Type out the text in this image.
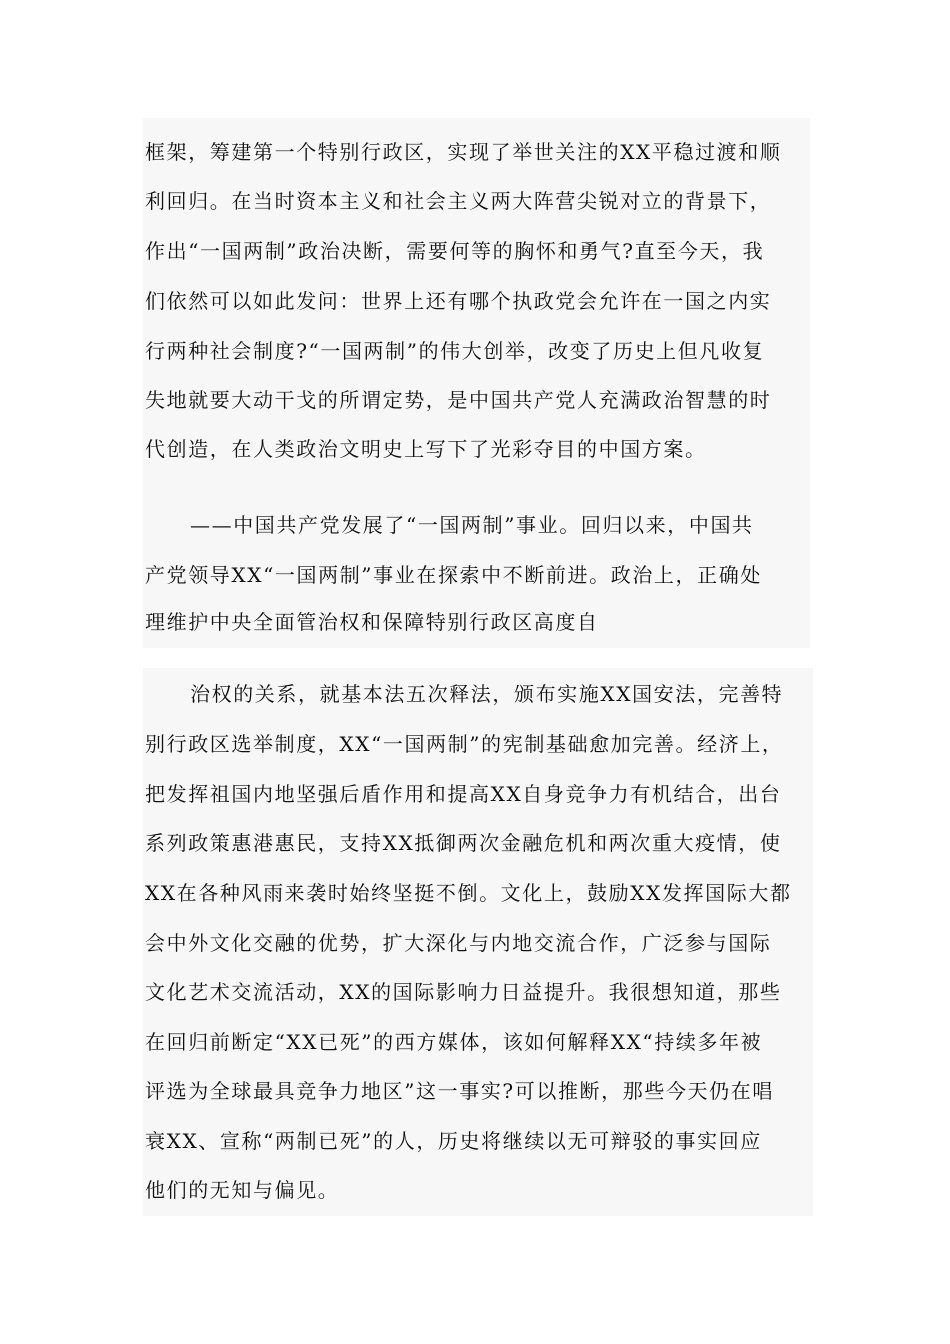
框架，筹建第一个特别行政区，实现了举世关注的XX平稳过渡和顺
利回归。在当时资本主义和社会主义两大阵营尖锐对立的背景下，
作出“一国两制”政治决断，需要何等的胸怀和勇气?直至今天，我
们依然可以如此发问：世界上还有哪个执政党会允许在一国之内实
行两种社会制度?“一国两制”的伟大创举，改变了历史上但凡收复
失地就要大动干戈的所谓定势，是中国共产党人充满政治智慧的时
代创造，在人类政治文明史上写下了光彩夺目的中国方案。
——中国共产党发展了“一国两制”事业。回归以来，中国共
产党领导XX“一国两制”事业在探索中不断前进。政治上，正确处
理维护中央全面管治权和保障特别行政区高度自
治权的关系，就基本法五次释法，颁布实施XX国安法，完善特
别行政区选举制度，XX“一国两制”的宪制基础愈加完善。经济上，
把发挥祖国内地坚强后盾作用和提高XX自身竞争力有机结合，出台
系列政策惠港惠民，支持XX抵御两次金融危机和两次重大疫情，使
XX在各种风雨来袭时始终坚挺不倒。文化上，鼓励XX发挥国际大都
会中外文化交融的优势，扩大深化与内地交流合作，广泛参与国际
文化艺术交流活动，XX的国际影响力日益提升。我很想知道，那些
在回归前断定“XX已死”的西方媒体，该如何解释XX“持续多年被
评选为全球最具竞争力地区”这一事实?可以推断，那些今天仍在唱
衰XX、宣称“两制已死”的人，历史将继续以无可辩驳的事实回应
他们的无知与偏见。
